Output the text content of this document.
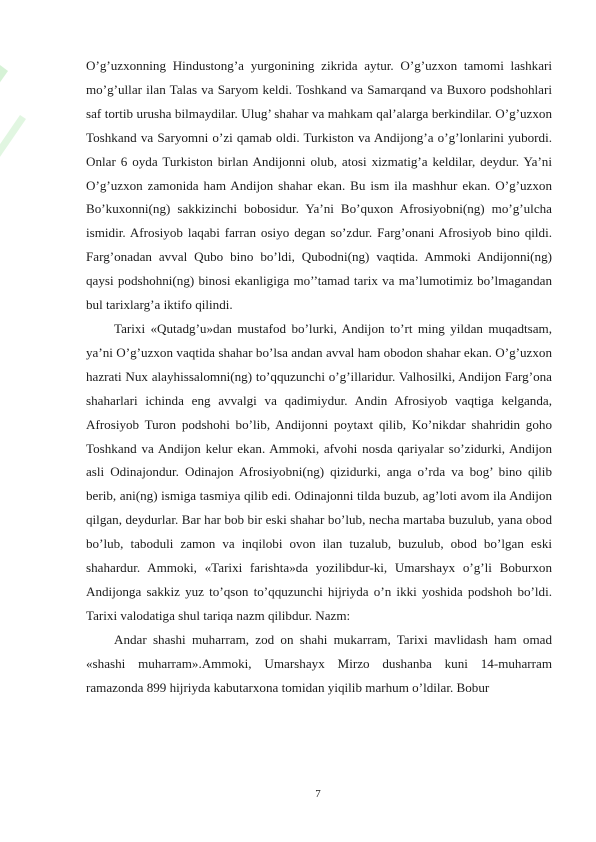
O’g’uzxonning Hindustong’a yurgonining zikrida aytur. O’g’uzxon tamomi lashkari mo’g’ullar ilan Talas va Saryom keldi. Toshkand va Samarqand va Buxoro podshohlari saf tortib urusha bilmaydilar. Ulug’ shahar va mahkam qal’alarga berkindilar. O’g’uzxon Toshkand va Saryomni o’zi qamab oldi. Turkiston va Andijong’a o’g’lonlarini yubordi. Onlar 6 oyda Turkiston birlan Andijonni olub, atosi xizmatig’a keldilar, deydur. Ya’ni O’g’uzxon zamonida ham Andijon shahar ekan. Bu ism ila mashhur ekan. O’g’uzxon Bo’kuxonni(ng) sakkizinchi bobosidur. Ya’ni Bo’quxon Afrosiyobni(ng) mo’g’ulcha ismidir. Afrosiyob laqabi farran osiyo degan so’zdur. Farg’onani Afrosiyob bino qildi. Farg’onadan avval Qubo bino bo’ldi, Qubodni(ng) vaqtida. Ammoki Andijonni(ng) qaysi podshohni(ng) binosi ekanligiga mo’’tamad tarix va ma’lumotimiz bo’lmagandan bul tarixlarg’a iktifo qilindi.

Tarixi «Qutadg’u»dan mustafod bo’lurki, Andijon to’rt ming yildan muqadtsam, ya’ni O’g’uzxon vaqtida shahar bo’lsa andan avval ham obodon shahar ekan. O’g’uzxon hazrati Nux alayhissalomni(ng) to’qquzunchi o’g’illaridur. Valhosilki, Andijon Farg’ona shaharlari ichinda eng avvalgi va qadimiydur. Andin Afrosiyob vaqtiga kelganda, Afrosiyob Turon podshohi bo’lib, Andijonni poytaxt qilib, Ko’nikdar shahridin goho Toshkand va Andijon kelur ekan. Ammoki, afvohi nosda qariyalar so’zidurki, Andijon asli Odinajondur. Odinajon Afrosiyobni(ng) qizidurki, anga o’rda va bog’ bino qilib berib, ani(ng) ismiga tasmiya qilib edi. Odinajonni tilda buzub, ag’loti avom ila Andijon qilgan, deydurlar. Bar har bob bir eski shahar bo’lub, necha martaba buzulub, yana obod bo’lub, taboduli zamon va inqilobi ovon ilan tuzalub, buzulub, obod bo’lgan eski shahardur. Ammoki, «Tarixi farishta»da yozilibdur-ki, Umarshayx o’g’li Boburxon Andijonga sakkiz yuz to’qson to’qquzunchi hijriyda o’n ikki yoshida podshoh bo’ldi. Tarixi valodatiga shul tariqa nazm qilibdur. Nazm:

Andar shashi muharram, zod on shahi mukarram, Tarixi mavlidash ham omad «shashi muharram».Ammoki, Umarshayx Mirzo dushanba kuni 14-muharram ramazonda 899 hijriyda kabutarxona tomidan yiqilib marhum o’ldilar. Bobur

7
